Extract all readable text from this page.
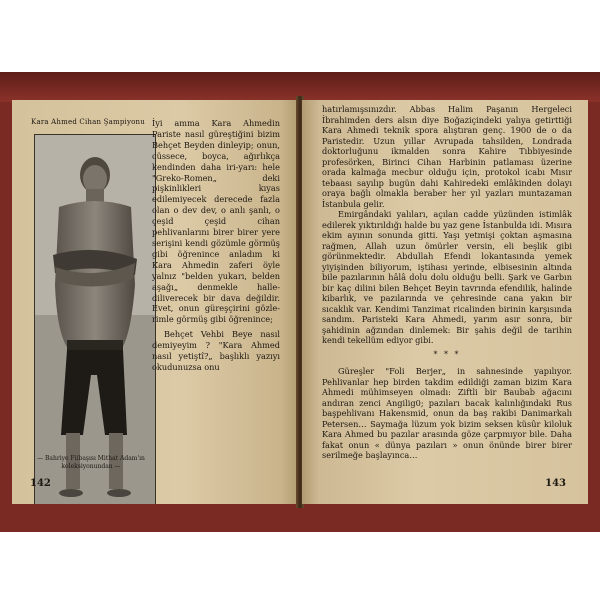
Kara Ahmed Cihan Şampiyonu
— Bahriye Fiibaşısı Mithat Adam'ın koleksiyonundan —

İyi amma Kara Ahmedin Pariste nasıl güreştiğini bizim Behçet Beyden dinleyip; onun, cüssece, boyca, ağırlıkça kendinden daha iri-yarı: hele "Greko-Romen„ deki pişkinlikleri kıyas edilemiyecek derecede fazla olan o dev dev, o anlı şanlı, o çeşid çeşid cihan pehlivanlarını birer birer yere serişini kendi gözümle görmüş gibi öğrenince anladım ki Kara Ahmedin zaferi öyle yalnız "belden yukarı, belden aşağı„ denmekle halle-diliverecek bir dava değildir. Evet, onun güreşçirini gözle-rimle görmüş gibi öğrenince;

Behçet Vehbi Beye nasıl demiyeyim ? "Kara Ahmed nasıl yetiştî?„ başlıklı yazıyı okudunuzsa onu

142

hatırlamışsınızdır. Abbas Halim Paşanın Hergeleci İbrahimden ders alsın diye Boğaziçindeki yalıya getirttiği Kara Ahmedi teknik spora alıştıran genç. 1900 de o da Paristedir. Uzun yıllar Avrupada tahsilden, Londrada doktorluğunu ikmalden sonra Kahire Tıbbiyesinde profesörken, Birinci Cihan Harbinin patlaması üzerine orada kalmağa mecbur olduğu için, protokol icabı Mısır tebaası sayılıp bugün dahi Kahiredeki emlâkinden dolayı oraya bağlı olmakla beraber her yıl yazları muntazaman İstanbula gelir.

Emirgândaki yalıları, açılan cadde yüzünden istimlâk edilerek yıktırıldığı halde bu yaz gene İstanbulda idi. Mısıra ekim ayının sonunda gitti. Yaşı yetmişi çoktan aşmasına rağmen, Allah uzun ömürler versin, eli beşlik gibi görünmektedir. Abdullah Efendi lokantasında yemek yiyişinden biliyorum, iştihası yerinde, elbisesinin altında bile pazılarının hâlâ dolu dolu olduğu belli. Şark ve Garbın bir kaç dilini bilen Behçet Beyin tavrında efendilik, halinde kibarlık, ve pazılarında ve çehresinde cana yakın bir sıcaklık var. Kendimi Tanzimat ricalinden birinin karşısında sandım. Paristeki Kara Ahmedi, yarım asır sonra, bir şahidinin ağzından dinlemek: Bir şahis değil de tarihin kendi tekellüm ediyor gibi.

* * *

Güreşler "Foli Berjer„ in sahnesinde yapılıyor. Pehlivanlar hep birden takdim edildiği zaman bizim Kara Ahmedi mühimseyen olmadı: Ziftli bir Baubab ağacını andıran zenci Angilig0; pazıları bacak kalınlığındaki Rus başpehlivanı Hakensmid, onun da baş rakibi Danimarkalı Petersen… Saymağa lüzum yok bizim seksen küsûr kiloluk Kara Ahmed bu pazılar arasında göze çarpmıyor bile. Daha fakat onun « dünya pazıları » onun önünde birer birer serilmeğe başlayınca…

143
